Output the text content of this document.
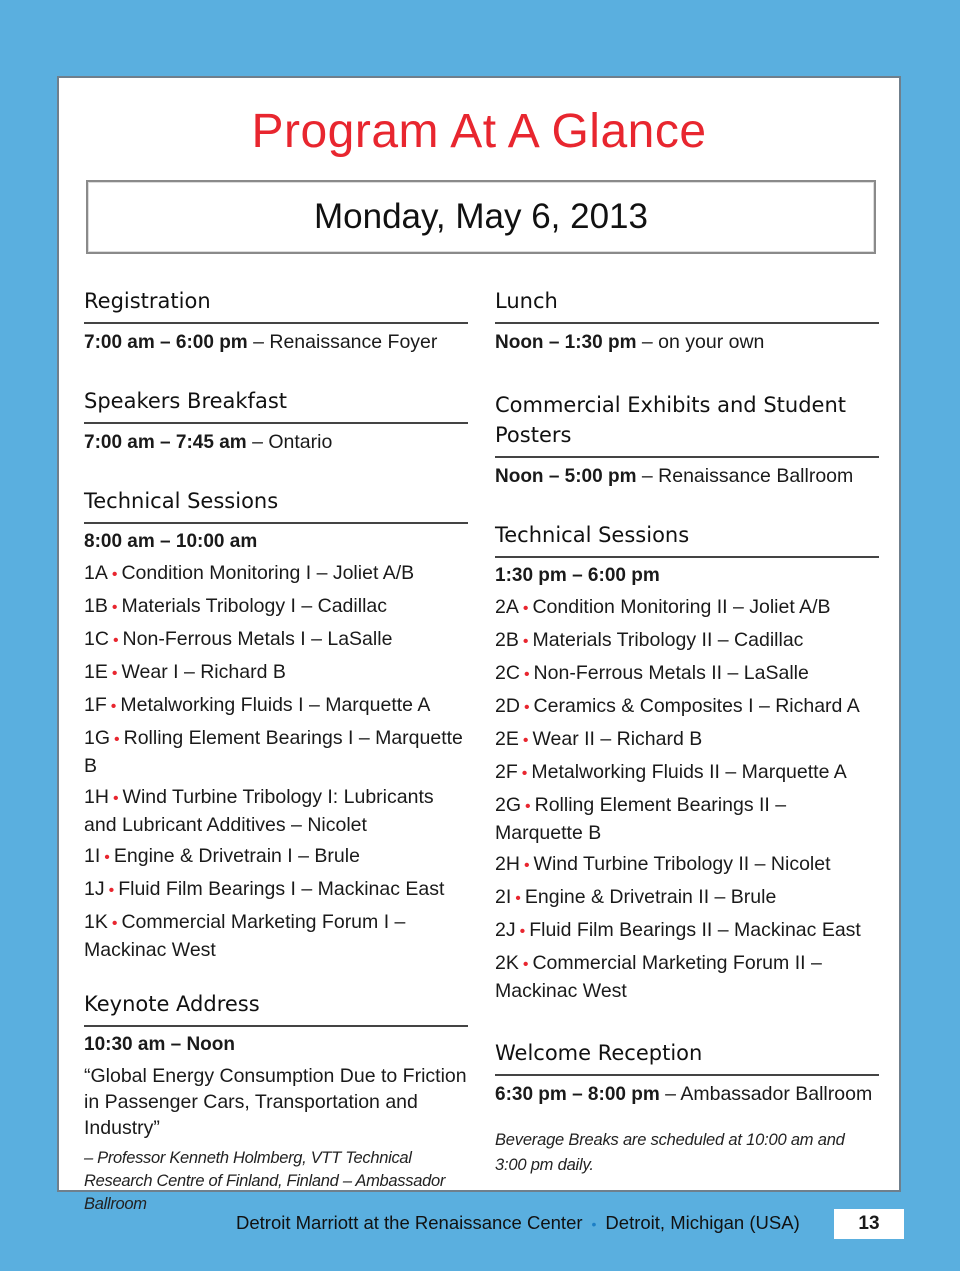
Program At A Glance
Monday, May 6, 2013
Registration
7:00 am – 6:00 pm – Renaissance Foyer
Speakers Breakfast
7:00 am – 7:45 am – Ontario
Technical Sessions
8:00 am – 10:00 am
1A • Condition Monitoring I – Joliet A/B
1B • Materials Tribology I – Cadillac
1C • Non-Ferrous Metals I – LaSalle
1E • Wear I – Richard B
1F • Metalworking Fluids I – Marquette A
1G • Rolling Element Bearings I – Marquette B
1H • Wind Turbine Tribology I: Lubricants and Lubricant Additives – Nicolet
1I • Engine & Drivetrain I – Brule
1J • Fluid Film Bearings I – Mackinac East
1K • Commercial Marketing Forum I – Mackinac West
Keynote Address
10:30 am – Noon
“Global Energy Consumption Due to Friction in Passenger Cars, Transportation and Industry”
– Professor Kenneth Holmberg, VTT Technical Research Centre of Finland, Finland – Ambassador Ballroom
Lunch
Noon – 1:30 pm – on your own
Commercial Exhibits and Student Posters
Noon – 5:00 pm – Renaissance Ballroom
Technical Sessions
1:30 pm – 6:00 pm
2A • Condition Monitoring II – Joliet A/B
2B • Materials Tribology II – Cadillac
2C • Non-Ferrous Metals II – LaSalle
2D • Ceramics & Composites I – Richard A
2E • Wear II – Richard B
2F • Metalworking Fluids II – Marquette A
2G • Rolling Element Bearings II – Marquette B
2H • Wind Turbine Tribology II – Nicolet
2I • Engine & Drivetrain II – Brule
2J • Fluid Film Bearings II – Mackinac East
2K • Commercial Marketing Forum II – Mackinac West
Welcome Reception
6:30 pm – 8:00 pm – Ambassador Ballroom
Beverage Breaks are scheduled at 10:00 am and 3:00 pm daily.
Detroit Marriott at the Renaissance Center • Detroit, Michigan (USA)	13
